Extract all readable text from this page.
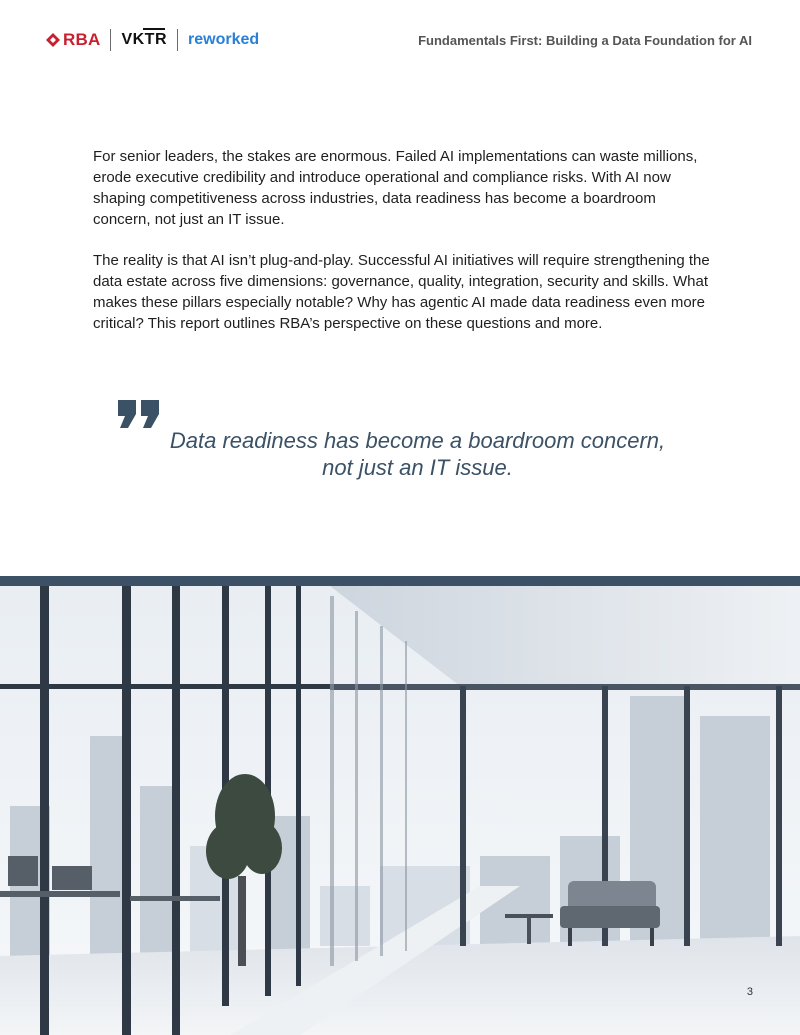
RBA VKTR reworked	Fundamentals First: Building a Data Foundation for AI

For senior leaders, the stakes are enormous. Failed AI implementations can waste millions, erode executive credibility and introduce operational and compliance risks. With AI now shaping competitiveness across industries, data readiness has become a boardroom concern, not just an IT issue.

The reality is that AI isn’t plug-and-play. Successful AI initiatives will require strengthening the data estate across five dimensions: governance, quality, integration, security and skills. What makes these pillars especially notable? Why has agentic AI made data readiness even more critical? This report outlines RBA’s perspective on these questions and more.

Data readiness has become a boardroom concern, not just an IT issue.
3
